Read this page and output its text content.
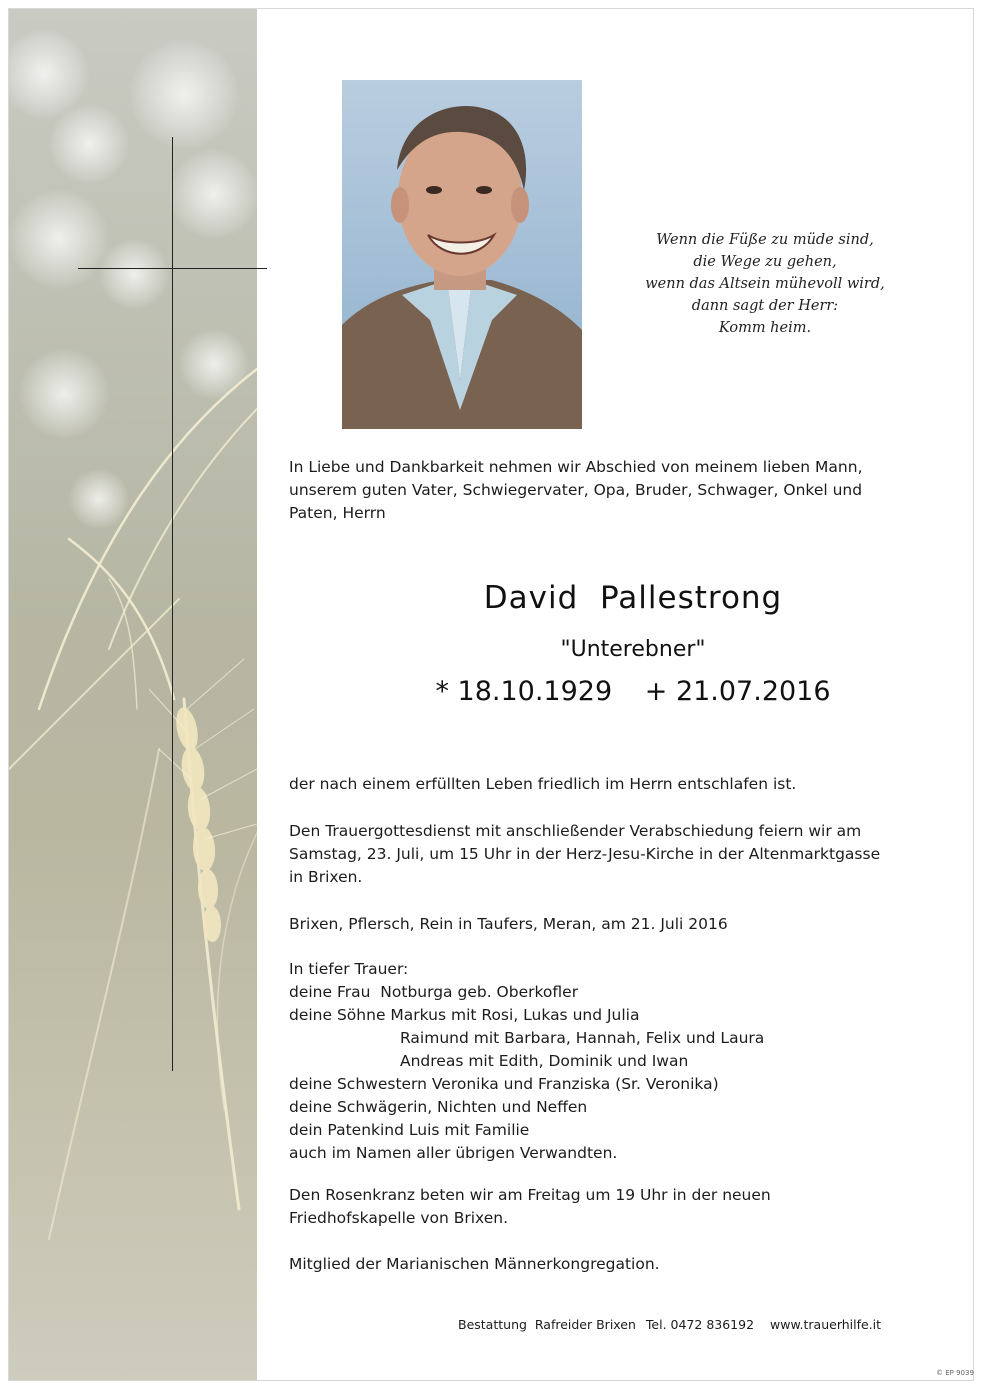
Wenn die Füße zu müde sind,
die Wege zu gehen,
wenn das Altsein mühevoll wird,
dann sagt der Herr:
Komm heim.
In Liebe und Dankbarkeit nehmen wir Abschied von meinem lieben Mann,
unserem guten Vater, Schwiegervater, Opa, Bruder, Schwager, Onkel und
Paten, Herrn
David  Pallestrong
"Unterebner"
* 18.10.1929 + 21.07.2016
der nach einem erfüllten Leben friedlich im Herrn entschlafen ist.
Den Trauergottesdienst mit anschließender Verabschiedung feiern wir am
Samstag, 23. Juli, um 15 Uhr in der Herz-Jesu-Kirche in der Altenmarktgasse
in Brixen.
Brixen, Pflersch, Rein in Taufers, Meran, am 21. Juli 2016
In tiefer Trauer:
deine Frau  Notburga geb. Oberkofler
deine Söhne Markus mit Rosi, Lukas und Julia
Raimund mit Barbara, Hannah, Felix und Laura
Andreas mit Edith, Dominik und Iwan
deine Schwestern Veronika und Franziska (Sr. Veronika)
deine Schwägerin, Nichten und Neffen
dein Patenkind Luis mit Familie
auch im Namen aller übrigen Verwandten.
Den Rosenkranz beten wir am Freitag um 19 Uhr in der neuen
Friedhofskapelle von Brixen.
Mitglied der Marianischen Männerkongregation.
Bestattung  Rafreider Brixen Tel. 0472 836192 www.trauerhilfe.it
© EP 9039
